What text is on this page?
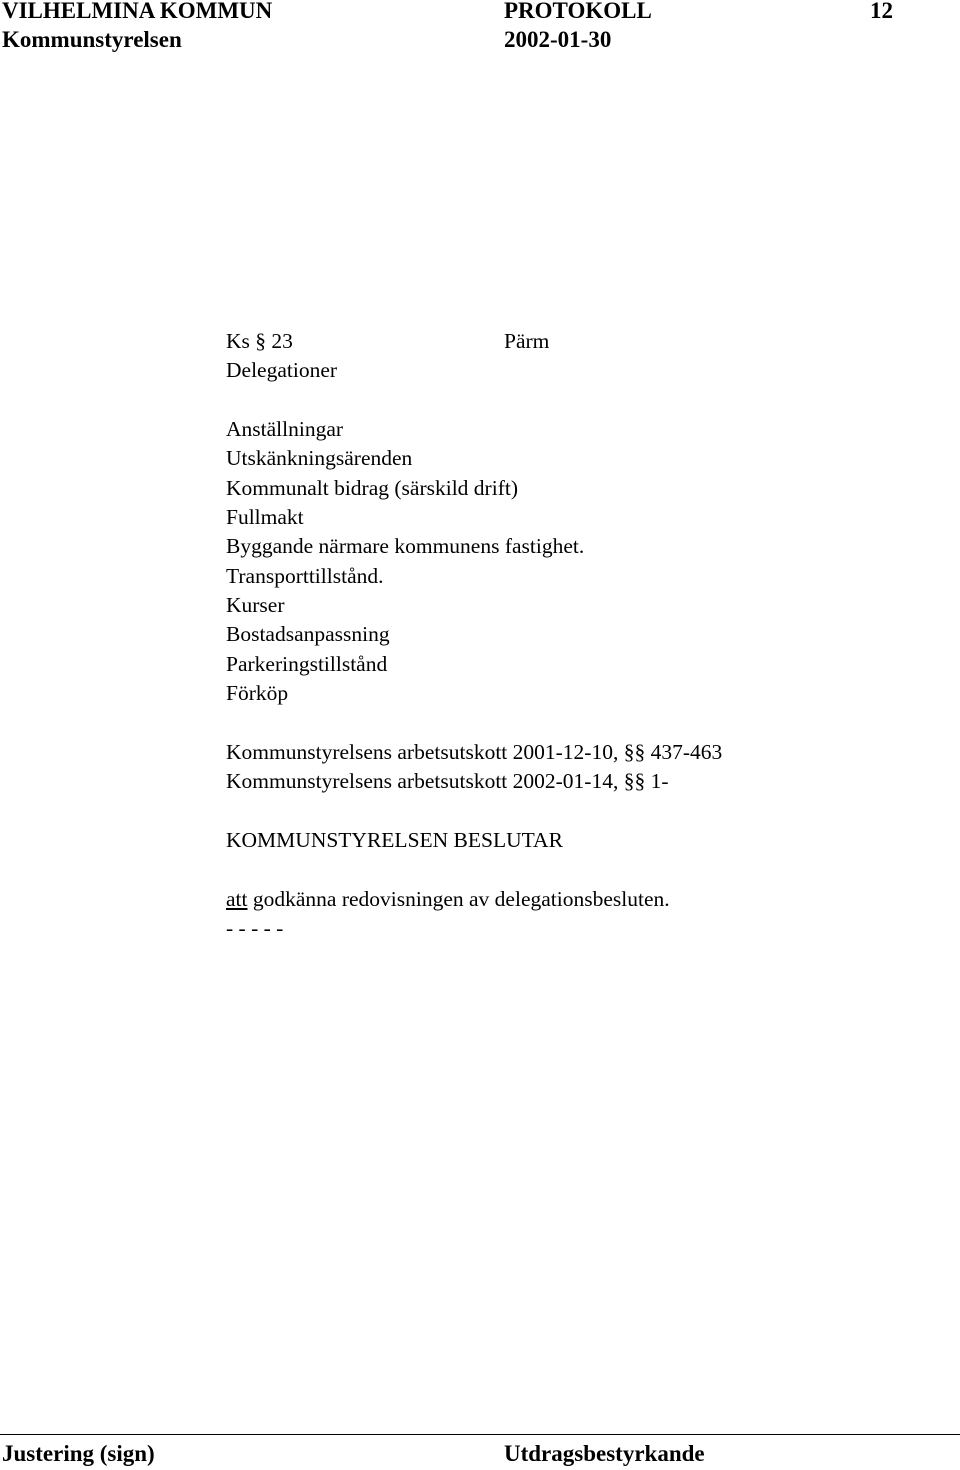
VILHELMINA KOMMUN	PROTOKOLL	12
Kommunstyrelsen	2002-01-30
Ks § 23	Pärm
Delegationer
Anställningar
Utskänkningsärenden
Kommunalt bidrag (särskild drift)
Fullmakt
Byggande närmare kommunens fastighet.
Transporttillstånd.
Kurser
Bostadsanpassning
Parkeringstillstånd
Förköp
Kommunstyrelsens arbetsutskott 2001-12-10, §§ 437-463
Kommunstyrelsens arbetsutskott 2002-01-14, §§ 1-
KOMMUNSTYRELSEN BESLUTAR
att godkänna redovisningen av delegationsbesluten.
- - - - -
Justering (sign)	Utdragsbestyrkande
